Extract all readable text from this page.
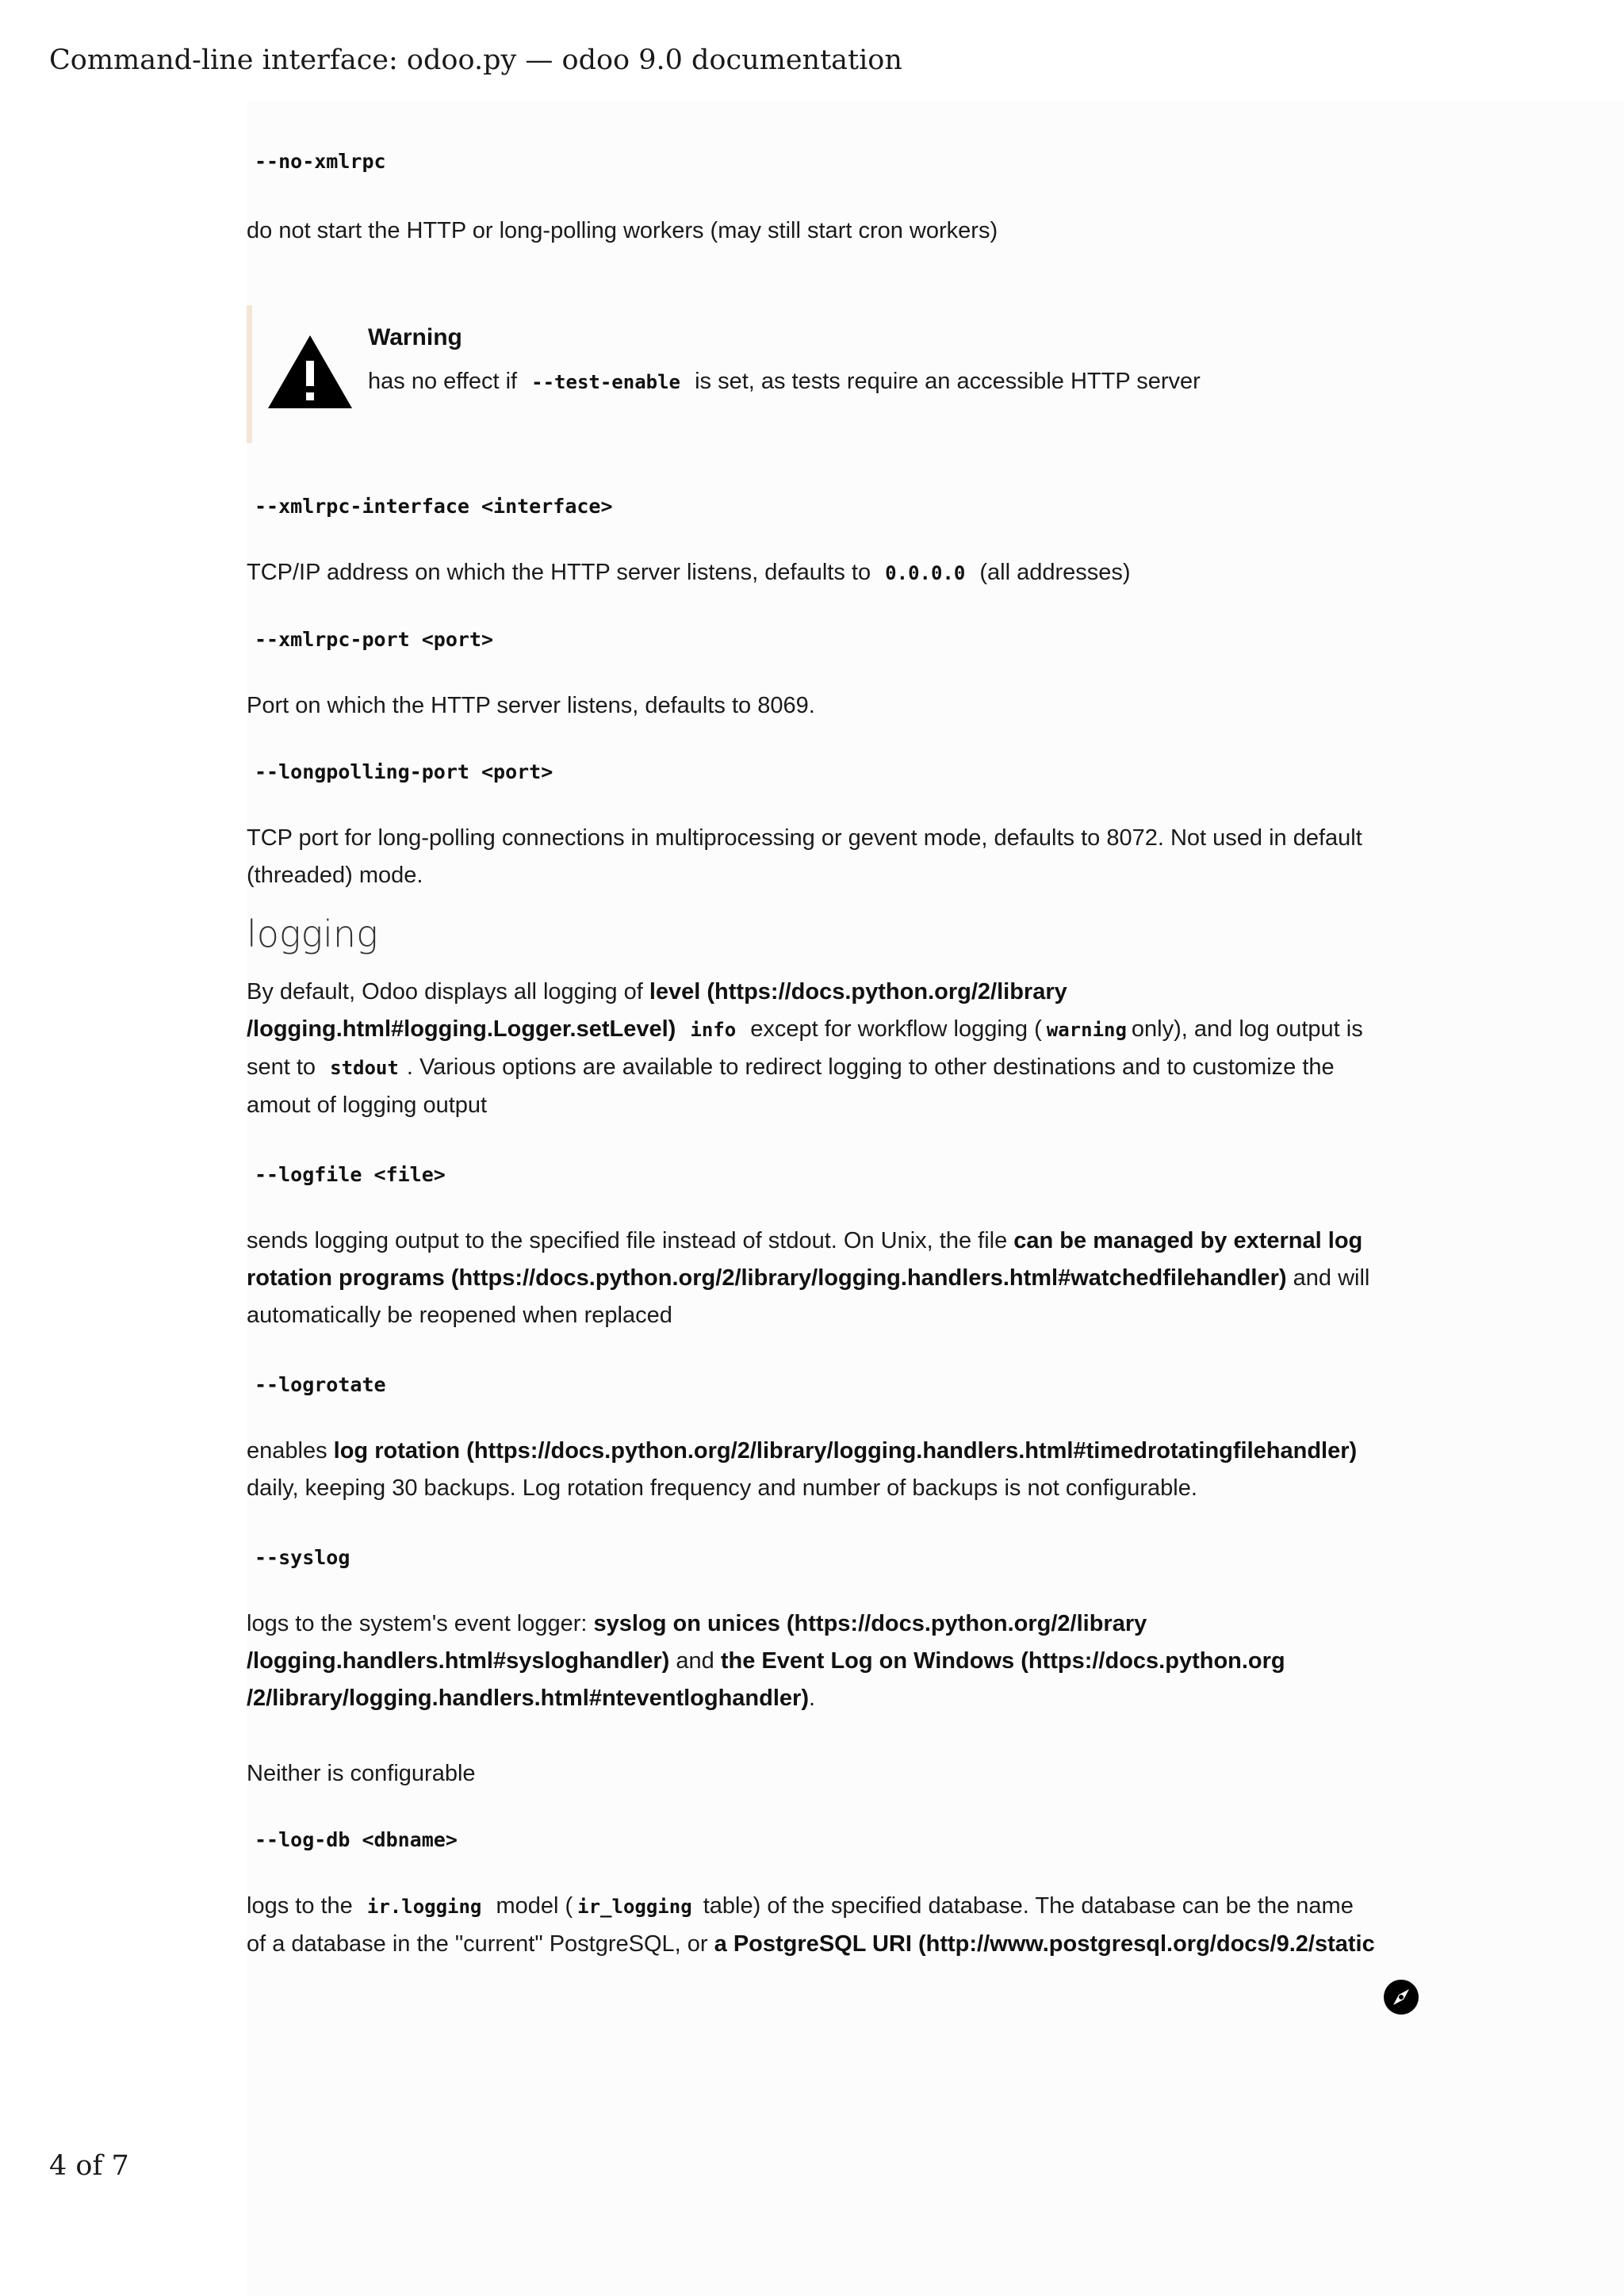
Command-line interface: odoo.py — odoo 9.0 documentation
--no-xmlrpc

do not start the HTTP or long-polling workers (may still start cron workers)

Warning
has no effect if --test-enable is set, as tests require an accessible HTTP server
--xmlrpc-interface <interface>

TCP/IP address on which the HTTP server listens, defaults to 0.0.0.0 (all addresses)

--xmlrpc-port <port>

Port on which the HTTP server listens, defaults to 8069.

--longpolling-port <port>

TCP port for long-polling connections in multiprocessing or gevent mode, defaults to 8072. Not used in default
(threaded) mode.

logging

By default, Odoo displays all logging of level (https://docs.python.org/2/library
/logging.html#logging.Logger.setLevel) info except for workflow logging ( warning only), and log output is
sent to stdout . Various options are available to redirect logging to other destinations and to customize the
amout of logging output

--logfile <file>

sends logging output to the specified file instead of stdout. On Unix, the file can be managed by external log
rotation programs (https://docs.python.org/2/library/logging.handlers.html#watchedfilehandler) and will
automatically be reopened when replaced

--logrotate

enables log rotation (https://docs.python.org/2/library/logging.handlers.html#timedrotatingfilehandler)
daily, keeping 30 backups. Log rotation frequency and number of backups is not configurable.

--syslog

logs to the system's event logger: syslog on unices (https://docs.python.org/2/library
/logging.handlers.html#sysloghandler) and the Event Log on Windows (https://docs.python.org
/2/library/logging.handlers.html#nteventloghandler).

Neither is configurable

--log-db <dbname>

logs to the ir.logging model ( ir_logging table) of the specified database. The database can be the name
of a database in the "current" PostgreSQL, or a PostgreSQL URI (http://www.postgresql.org/docs/9.2/static

4 of 7
